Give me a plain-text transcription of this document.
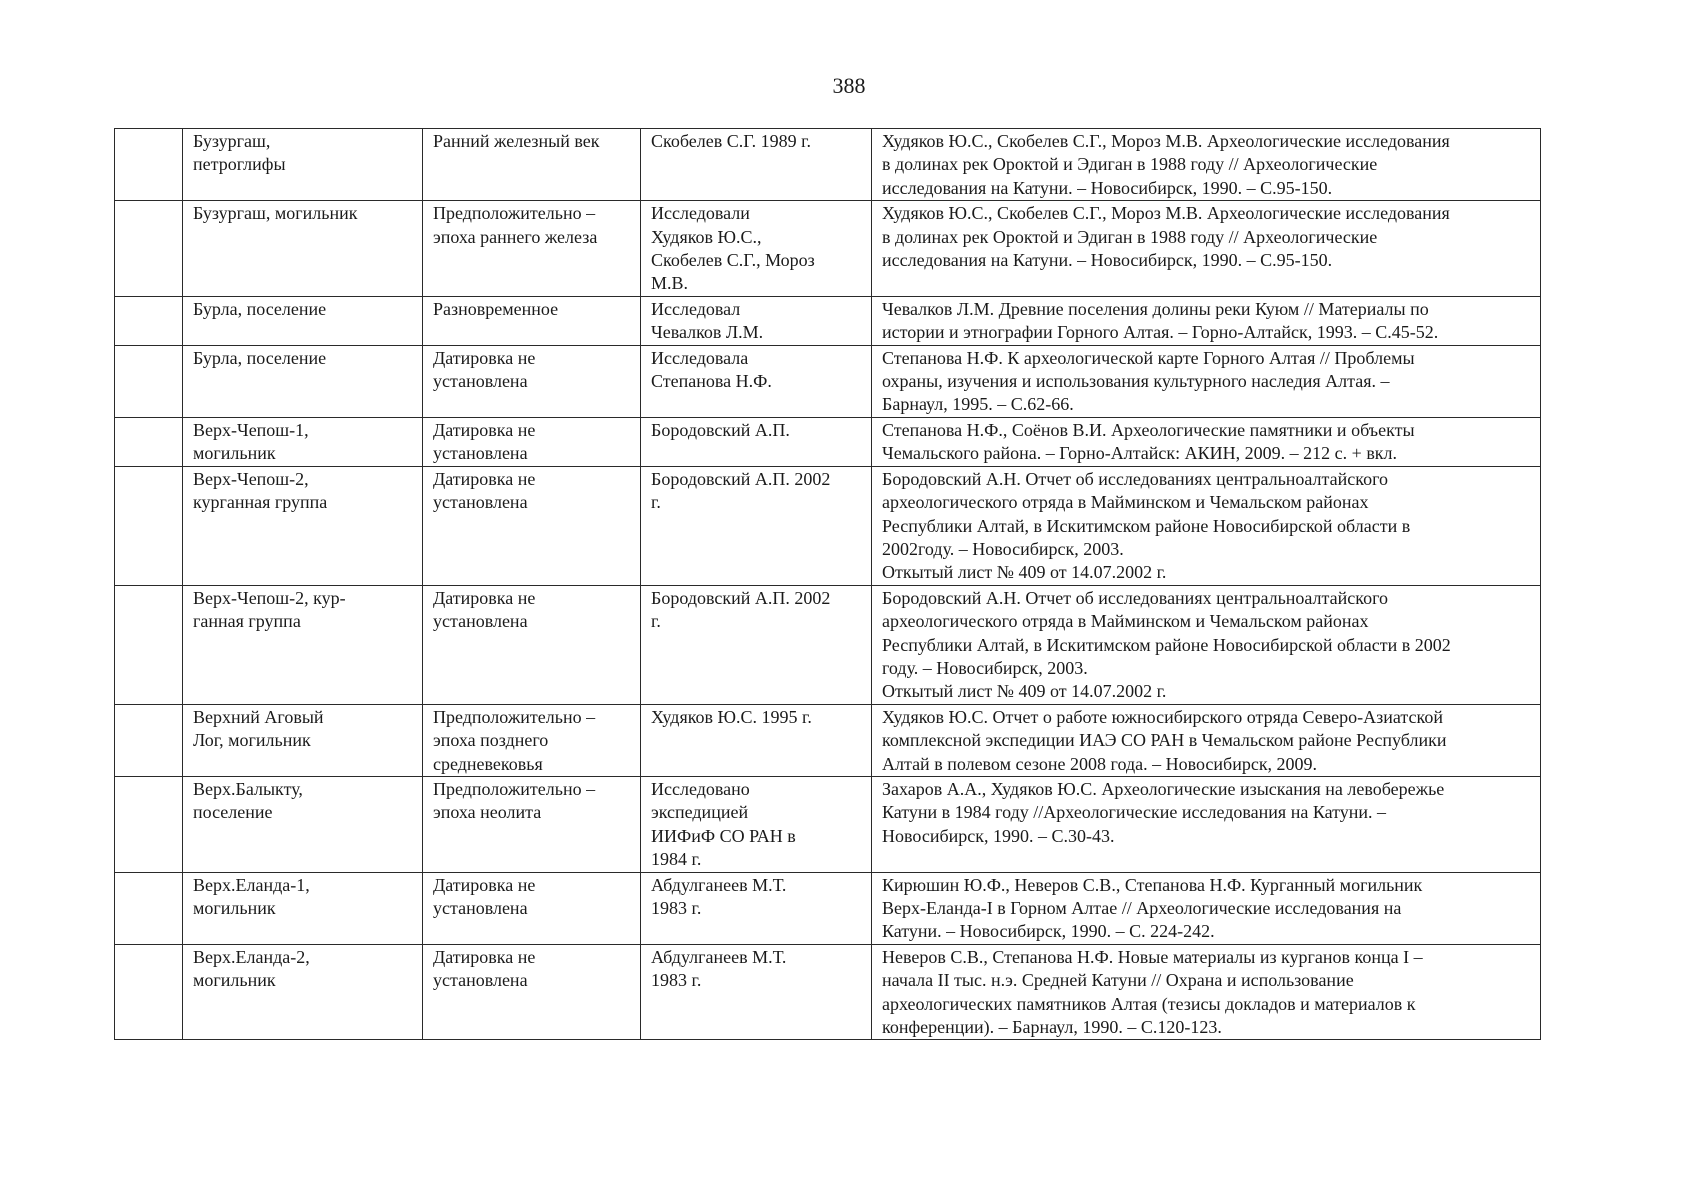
388
	Бузургаш,
петроглифы	Ранний железный век	Скобелев С.Г. 1989 г.	Худяков Ю.С., Скобелев С.Г., Мороз М.В. Археологические исследования
в долинах рек Ороктой и Эдиган в 1988 году // Археологические
исследования на Катуни. – Новосибирск, 1990. – С.95-150.
	Бузургаш, могильник	Предположительно –
эпоха раннего железа	Исследовали
Худяков Ю.С.,
Скобелев С.Г., Мороз
М.В.	Худяков Ю.С., Скобелев С.Г., Мороз М.В. Археологические исследования
в долинах рек Ороктой и Эдиган в 1988 году // Археологические
исследования на Катуни. – Новосибирск, 1990. – С.95-150.
	Бурла, поселение	Разновременное	Исследовал
Чевалков Л.М.	Чевалков Л.М. Древние поселения долины реки Куюм // Материалы по
истории и этнографии Горного Алтая. – Горно-Алтайск, 1993. – С.45-52.
	Бурла, поселение	Датировка не
установлена	Исследовала
Степанова Н.Ф.	Степанова Н.Ф. К археологической карте Горного Алтая // Проблемы
охраны, изучения и использования культурного наследия Алтая. –
Барнаул, 1995. – С.62-66.
	Верх-Чепош-1,
могильник	Датировка не
установлена	Бородовский А.П.	Степанова Н.Ф., Соёнов В.И. Археологические памятники и объекты
Чемальского района. – Горно-Алтайск: АКИН, 2009. – 212 с. + вкл.
	Верх-Чепош-2,
курганная группа	Датировка не
установлена	Бородовский А.П. 2002
г.	Бородовский А.Н. Отчет об исследованиях центральноалтайского
археологического отряда в Майминском и Чемальском районах
Республики Алтай, в Искитимском районе Новосибирской области в
2002году. – Новосибирск, 2003.
Откытый лист № 409 от 14.07.2002 г.
	Верх-Чепош-2, кур-
ганная группа	Датировка не
установлена	Бородовский А.П. 2002
г.	Бородовский А.Н. Отчет об исследованиях центральноалтайского
археологического отряда в Майминском и Чемальском районах
Республики Алтай, в Искитимском районе Новосибирской области в 2002
году. – Новосибирск, 2003.
Откытый лист № 409 от 14.07.2002 г.
	Верхний Аговый
Лог, могильник	Предположительно –
эпоха позднего
средневековья	Худяков Ю.С. 1995 г.	Худяков Ю.С. Отчет о работе южносибирского отряда Северо-Азиатской
комплексной экспедиции ИАЭ СО РАН в Чемальском районе Республики
Алтай в полевом сезоне 2008 года. – Новосибирск, 2009.
	Верх.Балыкту,
поселение	Предположительно –
эпоха неолита	Исследовано
экспедицией
ИИФиФ СО РАН в
1984 г.	Захаров А.А., Худяков Ю.С. Археологические изыскания на левобережье
Катуни в 1984 году //Археологические исследования на Катуни. –
Новосибирск, 1990. – С.30-43.
	Верх.Еланда-1,
могильник	Датировка не
установлена	Абдулганеев М.Т.
1983 г.	Кирюшин Ю.Ф., Неверов С.В., Степанова Н.Ф. Курганный могильник
Верх-Еланда-I в Горном Алтае // Археологические исследования на
Катуни. – Новосибирск, 1990. – С. 224-242.
	Верх.Еланда-2,
могильник	Датировка не
установлена	Абдулганеев М.Т.
1983 г.	Неверов С.В., Степанова Н.Ф. Новые материалы из курганов конца I –
начала II тыс. н.э. Средней Катуни // Охрана и использование
археологических памятников Алтая (тезисы докладов и материалов к
конференции). – Барнаул, 1990. – С.120-123.
